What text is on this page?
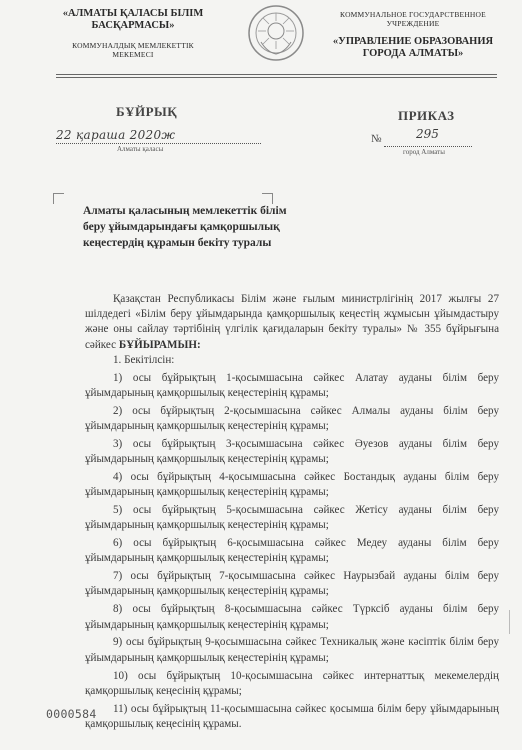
«АЛМАТЫ ҚАЛАСЫ БІЛІМ БАСҚАРМАСЫ»
КОММУНАЛДЫҚ МЕМЛЕКЕТТІК МЕКЕМЕСІ
КОММУНАЛЬНОЕ ГОСУДАРСТВЕННОЕ УЧРЕЖДЕНИЕ
«УПРАВЛЕНИЕ ОБРАЗОВАНИЯ ГОРОДА АЛМАТЫ»
БҰЙРЫҚ	ПРИКАЗ
22 қараша 2020ж
Алматы қаласы
№	295
город Алматы
Алматы қаласының мемлекеттік білім беру ұйымдарындағы қамқоршылық кеңестердің құрамын бекіту туралы

Қазақстан Республикасы Білім және ғылым министрлігінің 2017 жылғы 27 шілдедегі «Білім беру ұйымдарында қамқоршылық кеңестің жұмысын ұйымдастыру және оны сайлау тәртібінің үлгілік қағидаларын бекіту туралы» № 355 бұйрығына сәйкес БҰЙЫРАМЫН:

1. Бекітілсін:

1) осы бұйрықтың 1-қосымшасына сәйкес Алатау ауданы білім беру ұйымдарының қамқоршылық кеңестерінің құрамы;

2) осы бұйрықтың 2-қосымшасына сәйкес Алмалы ауданы білім беру ұйымдарының қамқоршылық кеңестерінің құрамы;

3) осы бұйрықтың 3-қосымшасына сәйкес Әуезов ауданы білім беру ұйымдарының қамқоршылық кеңестерінің құрамы;

4) осы бұйрықтың 4-қосымшасына сәйкес Бостандық ауданы білім беру ұйымдарының қамқоршылық кеңестерінің құрамы;

5) осы бұйрықтың 5-қосымшасына сәйкес Жетісу ауданы білім беру ұйымдарының қамқоршылық кеңестерінің құрамы;

6) осы бұйрықтың 6-қосымшасына сәйкес Медеу ауданы білім беру ұйымдарының қамқоршылық кеңестерінің құрамы;

7) осы бұйрықтың 7-қосымшасына сәйкес Наурызбай ауданы білім беру ұйымдарының қамқоршылық кеңестерінің құрамы;

8) осы бұйрықтың 8-қосымшасына сәйкес Түрксіб ауданы білім беру ұйымдарының қамқоршылық кеңестерінің құрамы;

9) осы бұйрықтың 9-қосымшасына сәйкес Техникалық және кәсіптік білім беру ұйымдарының қамқоршылық кеңестерінің құрамы;

10) осы бұйрықтың 10-қосымшасына сәйкес интернаттық мекемелердің қамқоршылық кеңесінің құрамы;

11) осы бұйрықтың 11-қосымшасына сәйкес қосымша білім беру ұйымдарының қамқоршылық кеңесінің құрамы.

0000584
